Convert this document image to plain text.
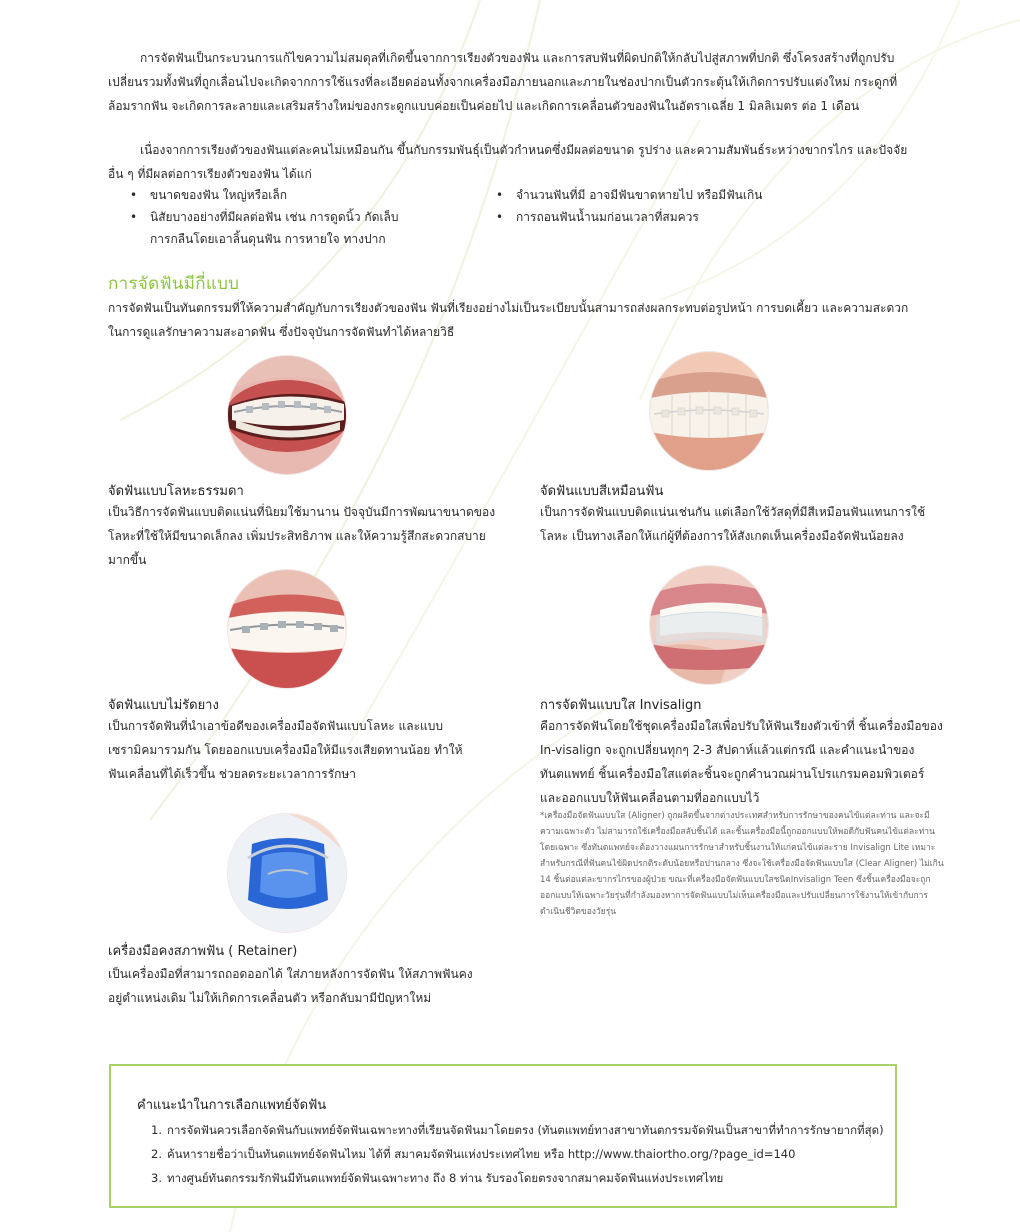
การจัดฟันเป็นกระบวนการแก้ไขความไม่สมดุลที่เกิดขึ้นจากการเรียงตัวของฟัน และการสบฟันที่ผิดปกติให้กลับไปสู่สภาพที่ปกติ ซึ่งโครงสร้างที่ถูกปรับเปลี่ยนรวมทั้งฟันที่ถูกเลื่อนไปจะเกิดจากการใช้แรงที่ละเอียดอ่อนทั้งจากเครื่องมือภายนอกและภายในช่องปากเป็นตัวกระตุ้นให้เกิดการปรับแต่งใหม่ กระดูกที่ล้อมรากฟัน จะเกิดการละลายและเสริมสร้างใหม่ของกระดูกแบบค่อยเป็นค่อยไป และเกิดการเคลื่อนตัวของฟันในอัตราเฉลี่ย 1 มิลลิเมตร ต่อ 1 เดือน

เนื่องจากการเรียงตัวของฟันแต่ละคนไม่เหมือนกัน ขึ้นกับกรรมพันธุ์เป็นตัวกำหนดซึ่งมีผลต่อขนาด รูปร่าง และความสัมพันธ์ระหว่างขากรไกร และปัจจัยอื่น ๆ ที่มีผลต่อการเรียงตัวของฟัน ได้แก่

• ขนาดของฟัน ใหญ่หรือเล็ก
• นิสัยบางอย่างที่มีผลต่อฟัน เช่น การดูดนิ้ว กัดเล็บ
การกลืนโดยเอาลิ้นดุนฟัน การหายใจ ทางปาก
• จำนวนฟันที่มี อาจมีฟันขาดหายไป หรือมีฟันเกิน
• การถอนฟันน้ำนมก่อนเวลาที่สมควร
การจัดฟันมีกี่แบบ

การจัดฟันเป็นทันตกรรมที่ให้ความสำคัญกับการเรียงตัวของฟัน ฟันที่เรียงอย่างไม่เป็นระเบียบนั้นสามารถส่งผลกระทบต่อรูปหน้า การบดเคี้ยว และความสะดวกในการดูแลรักษาความสะอาดฟัน ซึ่งปัจจุบันการจัดฟันทำได้หลายวิธี

จัดฟันแบบโลหะธรรมดา

เป็นวิธีการจัดฟันแบบติดแน่นที่นิยมใช้มานาน ปัจจุบันมีการพัฒนาขนาดของโลหะที่ใช้ให้มีขนาดเล็กลง เพิ่มประสิทธิภาพ และให้ความรู้สึกสะดวกสบายมากขึ้น

จัดฟันแบบสีเหมือนฟัน

เป็นการจัดฟันแบบติดแน่นเช่นกัน แต่เลือกใช้วัสดุที่มีสีเหมือนฟันแทนการใช้โลหะ เป็นทางเลือกให้แก่ผู้ที่ต้องการให้สังเกตเห็นเครื่องมือจัดฟันน้อยลง

จัดฟันแบบไม่รัดยาง

เป็นการจัดฟันที่นำเอาข้อดีของเครื่องมือจัดฟันแบบโลหะ และแบบเซรามิคมารวมกัน โดยออกแบบเครื่องมือให้มีแรงเสียดทานน้อย ทำให้ฟันเคลื่อนที่ได้เร็วขึ้น ช่วยลดระยะเวลาการรักษา

การจัดฟันแบบใส Invisalign

คือการจัดฟันโดยใช้ชุดเครื่องมือใสเพื่อปรับให้ฟันเรียงตัวเข้าที่ ชิ้นเครื่องมือของ In-visalign จะถูกเปลี่ยนทุกๆ 2-3 สัปดาห์แล้วแต่กรณี และคำแนะนำของทันตแพทย์ ชิ้นเครื่องมือใสแต่ละชิ้นจะถูกคำนวณผ่านโปรแกรมคอมพิวเตอร์และออกแบบให้ฟันเคลื่อนตามที่ออกแบบไว้

*เครื่องมือจัดฟันแบบใส (Aligner) ถูกผลิตขึ้นจากต่างประเทศสำหรับการรักษาของคนไข้แต่ละท่าน และจะมีความเฉพาะตัว ไม่สามารถใช้เครื่องมือสลับชิ้นได้ และชิ้นเครื่องมือนี้ถูกออกแบบให้พอดีกับฟันคนไข้แต่ละท่านโดยเฉพาะ ซึ่งทันตแพทย์จะต้องวางแผนการรักษาสำหรับชิ้นงานให้แก่คนไข้แต่ละราย Invisalign Lite เหมาะสำหรับกรณีที่ฟันคนไข้ผิดปรกติระดับน้อยหรือปานกลาง ซึ่งจะใช้เครื่องมือจัดฟันแบบใส (Clear Aligner) ไม่เกิน 14 ชิ้นต่อแต่ละขากรไกรของผู้ป่วย ขณะที่เครื่องมือจัดฟันแบบใสชนิดInvisalign Teen ซึ่งชิ้นเครื่องมือจะถูกออกแบบให้เฉพาะวัยรุ่นที่กำลังมองหาการจัดฟันแบบไม่เห็นเครื่องมือและปรับเปลี่ยนการใช้งานให้เข้ากับการดำเนินชีวิตของวัยรุ่น

เครื่องมือคงสภาพฟัน ( Retainer)

เป็นเครื่องมือที่สามารถถอดออกได้ ใส่ภายหลังการจัดฟัน ให้สภาพฟันคงอยู่ตำแหน่งเดิม ไม่ให้เกิดการเคลื่อนตัว หรือกลับมามีปัญหาใหม่

คำแนะนำในการเลือกแพทย์จัดฟัน
1. การจัดฟันควรเลือกจัดฟันกับแพทย์จัดฟันเฉพาะทางที่เรียนจัดฟันมาโดยตรง (ทันตแพทย์ทางสาขาทันตกรรมจัดฟันเป็นสาขาที่ทำการรักษายากที่สุด)
2. ค้นหารายชื่อว่าเป็นทันตแพทย์จัดฟันไหม ได้ที่ สมาคมจัดฟันแห่งประเทศไทย หรือ http://www.thaiortho.org/?page_id=140
3. ทางศูนย์ทันตกรรมรักฟันมีทันตแพทย์จัดฟันเฉพาะทาง ถึง 8 ท่าน รับรองโดยตรงจากสมาคมจัดฟันแห่งประเทศไทย
